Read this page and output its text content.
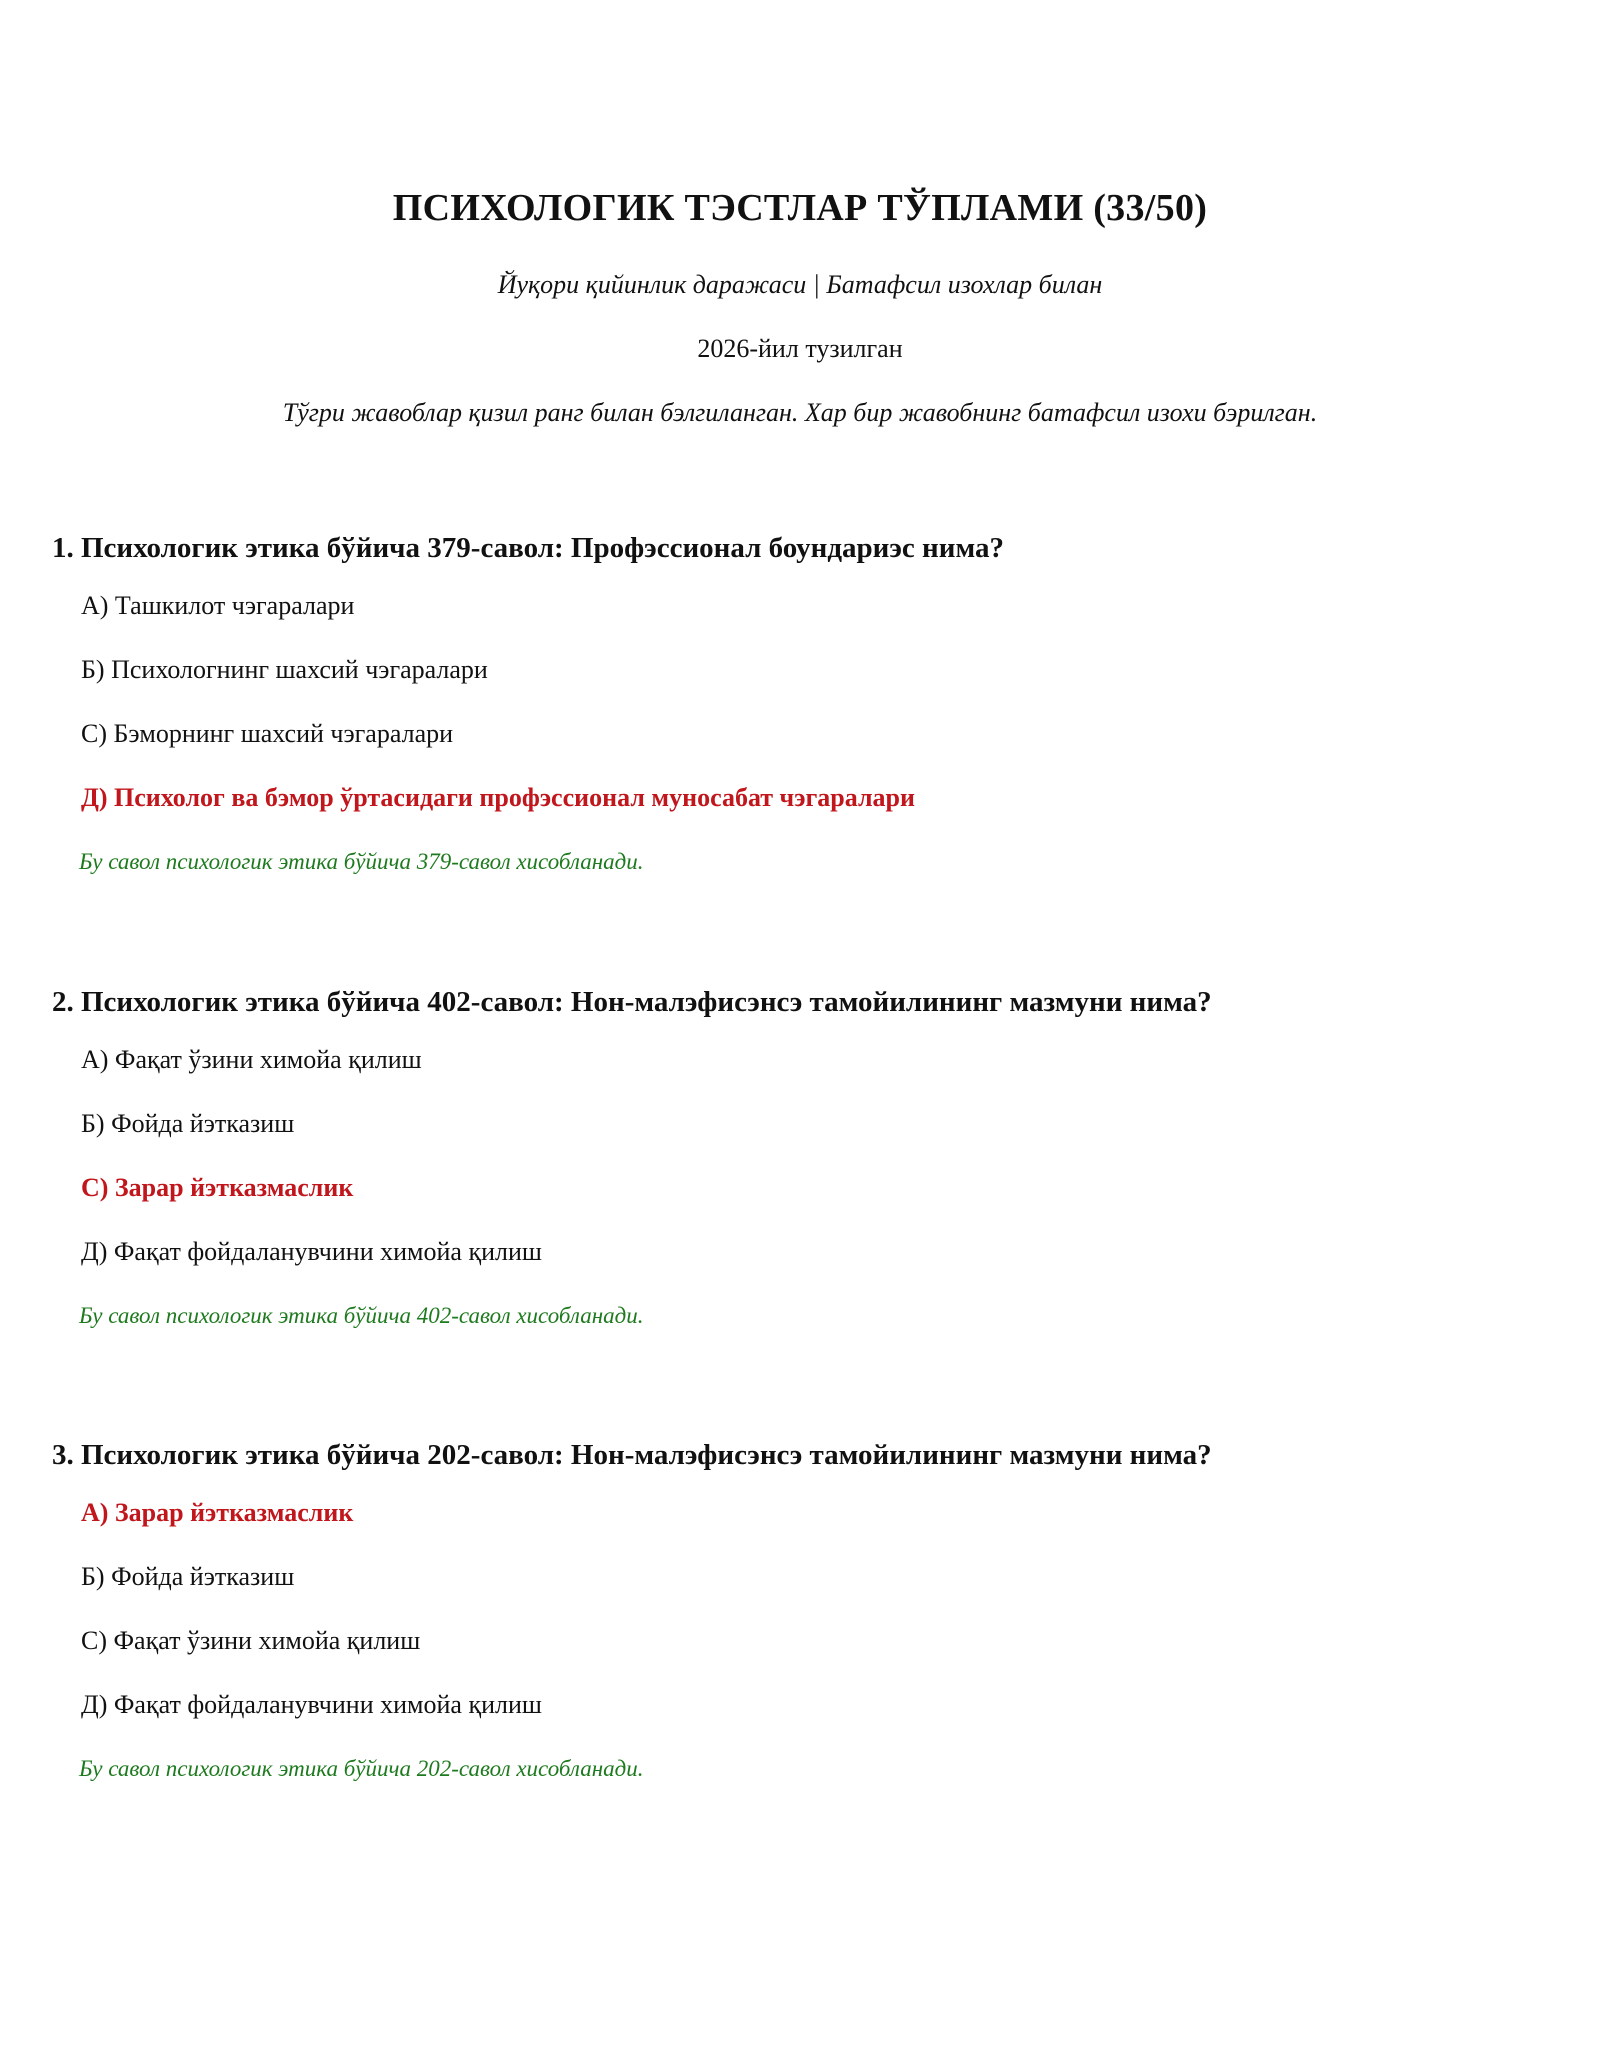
ПСИХОЛОГИК ТЭСТЛАР ТЎПЛАМИ (33/50)
Йуқори қийинлик даражаси | Батафсил изохлар билан
2026-йил тузилган
Тўгри жавоблар қизил ранг билан бэлгиланган. Хар бир жавобнинг батафсил изохи бэрилган.
1. Психологик этика бўйича 379-савол: Профэссионал боундариэс нима?
A) Ташкилот чэгаралари
Б) Психологнинг шахсий чэгаралари
C) Бэморнинг шахсий чэгаралари
Д) Психолог ва бэмор ўртасидаги профэссионал муносабат чэгаралари
Бу савол психологик этика бўйича 379-савол хисобланади.
2. Психологик этика бўйича 402-савол: Нон-малэфисэнсэ тамойилининг мазмуни нима?
A) Фақат ўзини химойа қилиш
Б) Фойда йэтказиш
C) Зарар йэтказмаслик
Д) Фақат фойдаланувчини химойа қилиш
Бу савол психологик этика бўйича 402-савол хисобланади.
3. Психологик этика бўйича 202-савол: Нон-малэфисэнсэ тамойилининг мазмуни нима?
A) Зарар йэтказмаслик
Б) Фойда йэтказиш
C) Фақат ўзини химойа қилиш
Д) Фақат фойдаланувчини химойа қилиш
Бу савол психологик этика бўйича 202-савол хисобланади.
